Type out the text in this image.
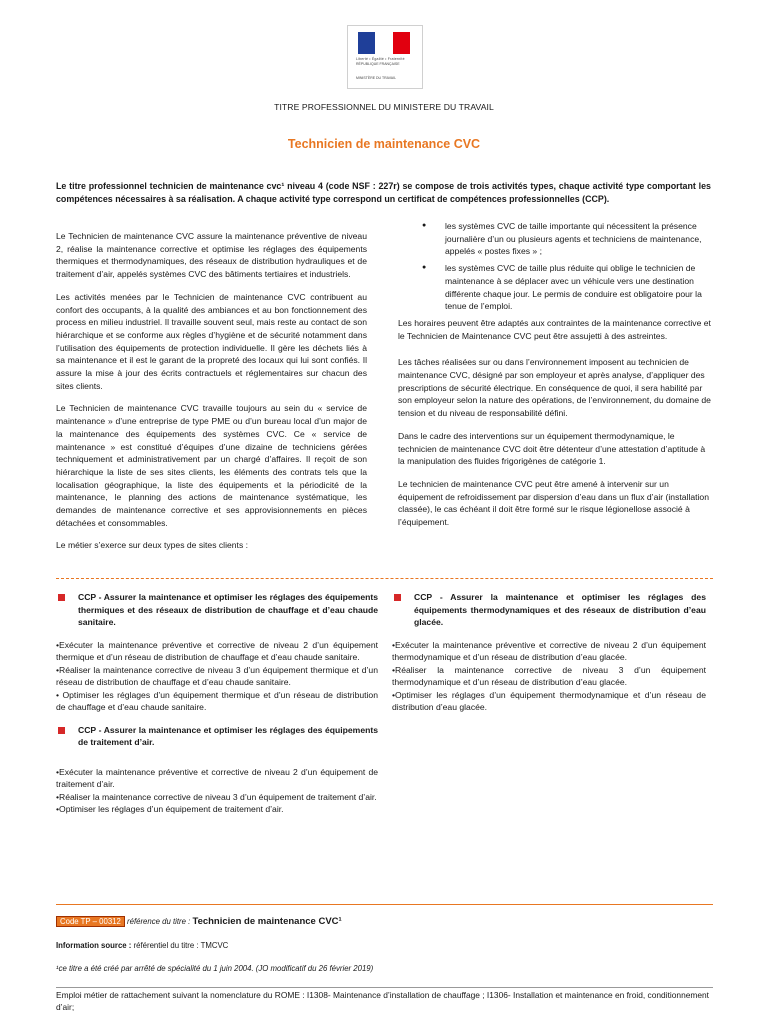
Liberté • Égalité • Fraternité
RÉPUBLIQUE FRANÇAISE
MINISTÈRE DU TRAVAIL
TITRE PROFESSIONNEL DU MINISTERE DU TRAVAIL
Technicien de maintenance CVC
Le titre professionnel technicien de maintenance cvc¹ niveau 4 (code NSF : 227r) se compose de trois activités types, chaque activité type comportant les compétences nécessaires à sa réalisation. A chaque activité type correspond un certificat de compétences professionnelles (CCP).

Le Technicien de maintenance CVC assure la maintenance préventive de niveau 2, réalise la maintenance corrective et optimise les réglages des équipements thermiques et thermodynamiques, des réseaux de distribution hydrauliques et de traitement d’air, appelés systèmes CVC des bâtiments tertiaires et industriels.

Les activités menées par le Technicien de maintenance CVC contribuent au confort des occupants, à la qualité des ambiances et au bon fonctionnement des process en milieu industriel. Il travaille souvent seul, mais reste au contact de son hiérarchique et se conforme aux règles d’hygiène et de sécurité notamment dans l’utilisation des équipements de protection individuelle. Il gère les déchets liés à sa maintenance et il est le garant de la propreté des locaux qui lui sont confiés. Il assure la mise à jour des écrits contractuels et réglementaires sur chacun des sites clients.

Le Technicien de maintenance CVC travaille toujours au sein du « service de maintenance » d’une entreprise de type PME ou d’un bureau local d’un major de la maintenance des équipements des systèmes CVC. Ce « service de maintenance » est constitué d’équipes d’une dizaine de techniciens gérées techniquement et administrativement par un chargé d’affaires. Il reçoit de son hiérarchique la liste de ses sites clients, les éléments des contrats tels que la localisation géographique, la liste des équipements et la périodicité de la maintenance, le planning des actions de maintenance systématique, les demandes de maintenance corrective et ses approvisionnements en pièces détachées et consommables.

Le métier s’exerce sur deux types de sites clients :

● les systèmes CVC de taille importante qui nécessitent la présence journalière d’un ou plusieurs agents et techniciens de maintenance, appelés « postes fixes » ;
● les systèmes CVC de taille plus réduite qui oblige le technicien de maintenance à se déplacer avec un véhicule vers une destination différente chaque jour. Le permis de conduire est obligatoire pour la tenue de l’emploi.

Les horaires peuvent être adaptés aux contraintes de la maintenance corrective et le Technicien de Maintenance CVC peut être assujetti à des astreintes.

Les tâches réalisées sur ou dans l’environnement imposent au technicien de maintenance CVC, désigné par son employeur et après analyse, d’appliquer des prescriptions de sécurité électrique. En conséquence de quoi, il sera habilité par son employeur selon la nature des opérations, de l’environnement, du domaine de tension et du niveau de responsabilité défini.

Dans le cadre des interventions sur un équipement thermodynamique, le technicien de maintenance CVC doit être détenteur d’une attestation d’aptitude à la manipulation des fluides frigorigènes de catégorie 1.

Le technicien de maintenance CVC peut être amené à intervenir sur un équipement de refroidissement par dispersion d’eau dans un flux d’air (installation classée), le cas échéant il doit être formé sur le risque légionellose associé à l’équipement.

CCP - Assurer la maintenance et optimiser les réglages des équipements thermiques et des réseaux de distribution de chauffage et d’eau chaude sanitaire.
•Exécuter la maintenance préventive et corrective de niveau 2 d’un équipement thermique et d’un réseau de distribution de chauffage et d’eau chaude sanitaire.
•Réaliser la maintenance corrective de niveau 3 d’un équipement thermique et d’un réseau de distribution de chauffage et d’eau chaude sanitaire.
• Optimiser les réglages d’un équipement thermique et d’un réseau de distribution de chauffage et d’eau chaude sanitaire.
CCP - Assurer la maintenance et optimiser les réglages des équipements de traitement d’air.
•Exécuter la maintenance préventive et corrective de niveau 2 d’un équipement de traitement d’air.
•Réaliser la maintenance corrective de niveau 3 d’un équipement de traitement d’air.
•Optimiser les réglages d’un équipement de traitement d’air.
CCP - Assurer la maintenance et optimiser les réglages des équipements thermodynamiques et des réseaux de distribution d’eau glacée.
•Exécuter la maintenance préventive et corrective de niveau 2 d’un équipement thermodynamique et d’un réseau de distribution d’eau glacée.
•Réaliser la maintenance corrective de niveau 3 d’un équipement thermodynamique et d’un réseau de distribution d’eau glacée.
•Optimiser les réglages d’un équipement thermodynamique et d’un réseau de distribution d’eau glacée.
Code TP – 00312 référence du titre : Technicien de maintenance CVC¹
Information source : référentiel du titre : TMCVC
¹ce titre a été créé par arrêté de spécialité du 1 juin 2004. (JO modificatif du 26 février 2019)
Emploi métier de rattachement suivant la nomenclature du ROME : I1308- Maintenance d’installation de chauffage ; I1306- Installation et maintenance en froid, conditionnement d’air;
